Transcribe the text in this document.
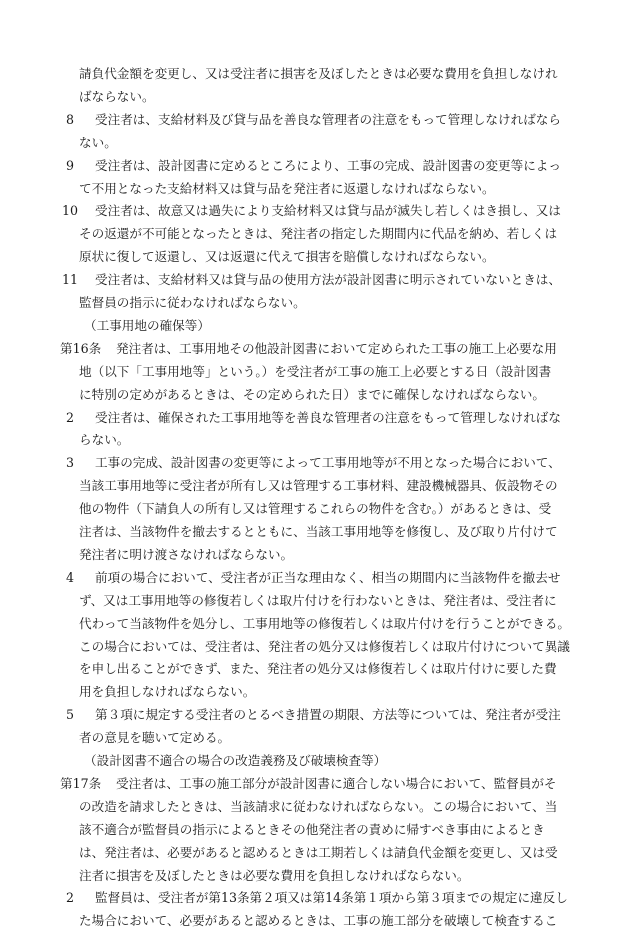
請負代金額を変更し、又は受注者に損害を及ぼしたときは必要な費用を負担しなけれ
ばならない。
8 受注者は、支給材料及び貸与品を善良な管理者の注意をもって管理しなければなら
ない。
9 受注者は、設計図書に定めるところにより、工事の完成、設計図書の変更等によっ
て不用となった支給材料又は貸与品を発注者に返還しなければならない。
10 受注者は、故意又は過失により支給材料又は貸与品が滅失し若しくはき損し、又は
その返還が不可能となったときは、発注者の指定した期間内に代品を納め、若しくは
原状に復して返還し、又は返還に代えて損害を賠償しなければならない。
11 受注者は、支給材料又は貸与品の使用方法が設計図書に明示されていないときは、
監督員の指示に従わなければならない。
（工事用地の確保等）
第16条 発注者は、工事用地その他設計図書において定められた工事の施工上必要な用
地（以下「工事用地等」という。）を受注者が工事の施工上必要とする日（設計図書
に特別の定めがあるときは、その定められた日）までに確保しなければならない。
2 受注者は、確保された工事用地等を善良な管理者の注意をもって管理しなければな
らない。
3 工事の完成、設計図書の変更等によって工事用地等が不用となった場合において、
当該工事用地等に受注者が所有し又は管理する工事材料、建設機械器具、仮設物その
他の物件（下請負人の所有し又は管理するこれらの物件を含む。）があるときは、受
注者は、当該物件を撤去するとともに、当該工事用地等を修復し、及び取り片付けて
発注者に明け渡さなければならない。
4 前項の場合において、受注者が正当な理由なく、相当の期間内に当該物件を撤去せ
ず、又は工事用地等の修復若しくは取片付けを行わないときは、発注者は、受注者に
代わって当該物件を処分し、工事用地等の修復若しくは取片付けを行うことができる。
この場合においては、受注者は、発注者の処分又は修復若しくは取片付けについて異議
を申し出ることができず、また、発注者の処分又は修復若しくは取片付けに要した費
用を負担しなければならない。
5 第３項に規定する受注者のとるべき措置の期限、方法等については、発注者が受注
者の意見を聴いて定める。
（設計図書不適合の場合の改造義務及び破壊検査等）
第17条 受注者は、工事の施工部分が設計図書に適合しない場合において、監督員がそ
の改造を請求したときは、当該請求に従わなければならない。この場合において、当
該不適合が監督員の指示によるときその他発注者の責めに帰すべき事由によるとき
は、発注者は、必要があると認めるときは工期若しくは請負代金額を変更し、又は受
注者に損害を及ぼしたときは必要な費用を負担しなければならない。
2 監督員は、受注者が第13条第２項又は第14条第１項から第３項までの規定に違反し
た場合において、必要があると認めるときは、工事の施工部分を破壊して検査するこ
